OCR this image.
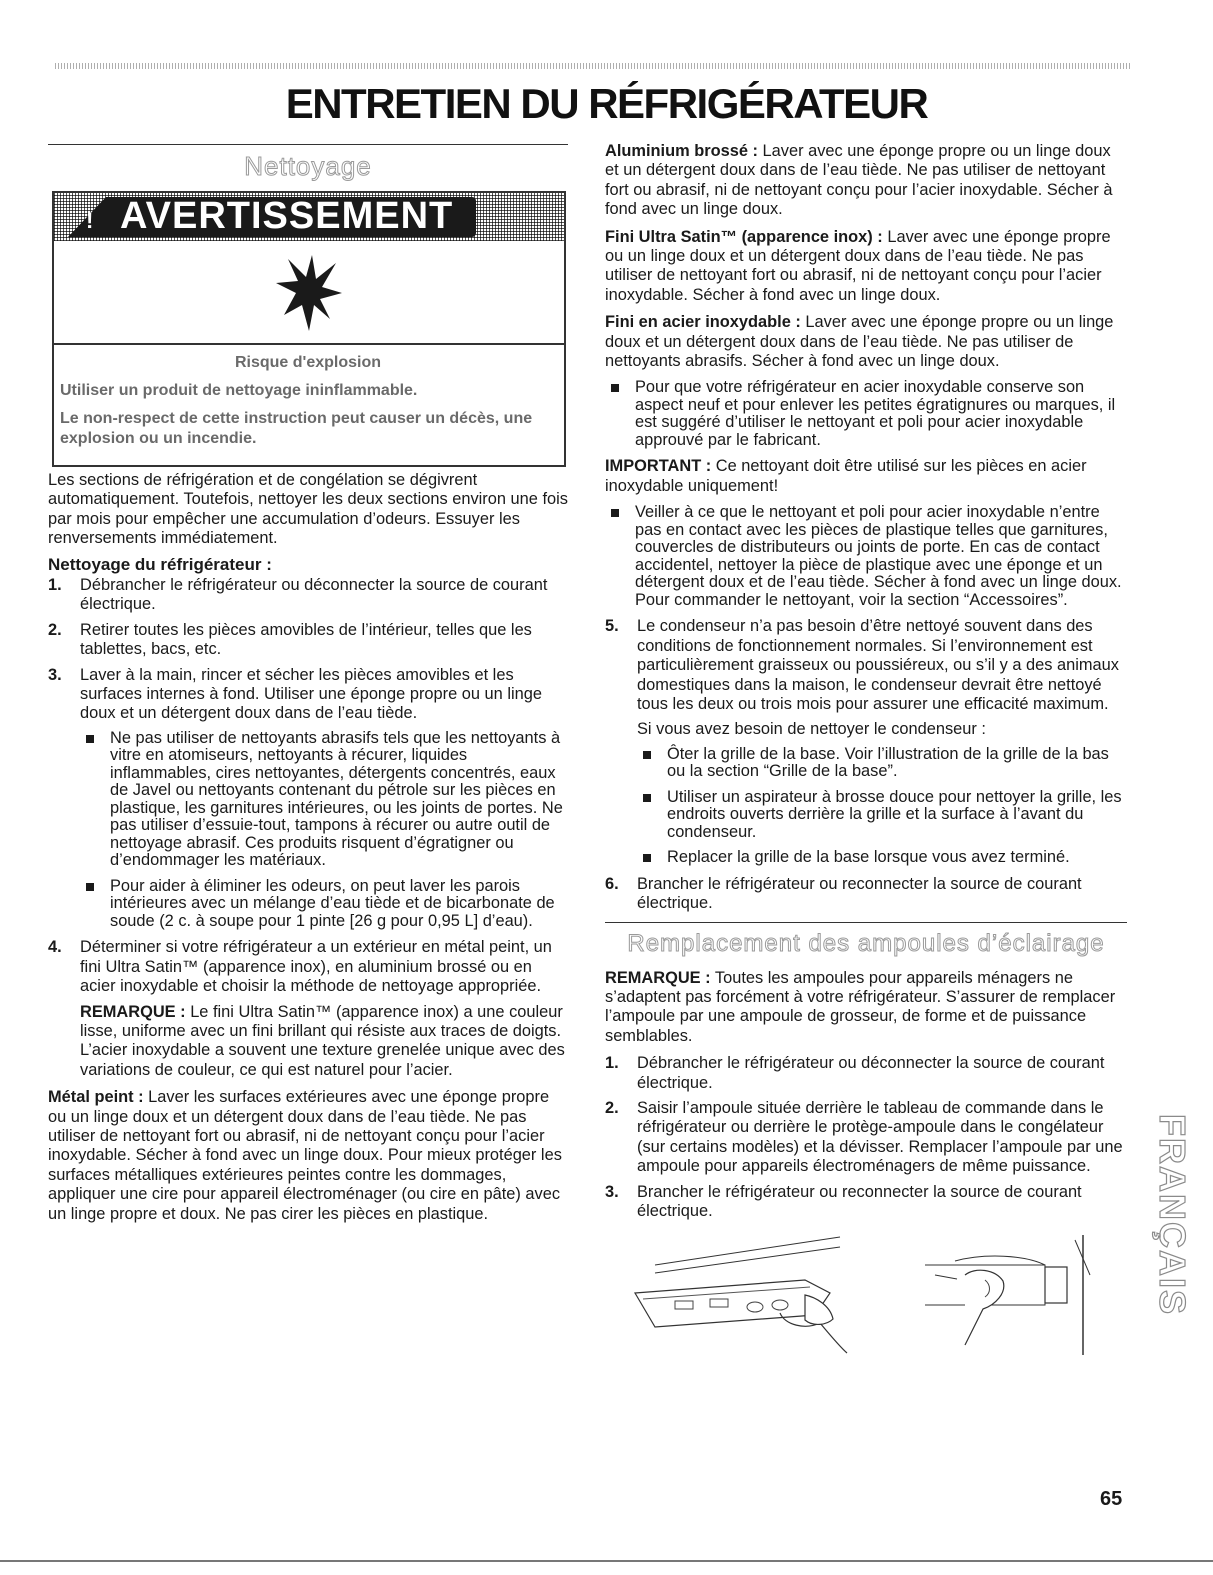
ENTRETIEN DU RÉFRIGÉRATEUR
Nettoyage
! AVERTISSEMENT
Risque d'explosion

Utiliser un produit de nettoyage ininflammable.

Le non-respect de cette instruction peut causer un décès, une explosion ou un incendie.

Les sections de réfrigération et de congélation se dégivrent automatiquement. Toutefois, nettoyer les deux sections environ une fois par mois pour empêcher une accumulation d’odeurs. Essuyer les renversements immédiatement.

Nettoyage du réfrigérateur :
1. Débrancher le réfrigérateur ou déconnecter la source de courant électrique.
2. Retirer toutes les pièces amovibles de l’intérieur, telles que les tablettes, bacs, etc.
3. Laver à la main, rincer et sécher les pièces amovibles et les surfaces internes à fond. Utiliser une éponge propre ou un linge doux et un détergent doux dans de l’eau tiède.
Ne pas utiliser de nettoyants abrasifs tels que les nettoyants à vitre en atomiseurs, nettoyants à récurer, liquides inflammables, cires nettoyantes, détergents concentrés, eaux de Javel ou nettoyants contenant du pétrole sur les pièces en plastique, les garnitures intérieures, ou les joints de portes. Ne pas utiliser d’essuie-tout, tampons à récurer ou autre outil de nettoyage abrasif. Ces produits risquent d’égratigner ou d’endommager les matériaux.
Pour aider à éliminer les odeurs, on peut laver les parois intérieures avec un mélange d’eau tiède et de bicarbonate de soude (2 c. à soupe pour 1 pinte [26 g pour 0,95 L] d’eau).
4. Déterminer si votre réfrigérateur a un extérieur en métal peint, un fini Ultra Satin™ (apparence inox), en aluminium brossé ou en acier inoxydable et choisir la méthode de nettoyage appropriée.

REMARQUE : Le fini Ultra Satin™ (apparence inox) a une couleur lisse, uniforme avec un fini brillant qui résiste aux traces de doigts. L’acier inoxydable a souvent une texture grenelée unique avec des variations de couleur, ce qui est naturel pour l’acier.

Métal peint : Laver les surfaces extérieures avec une éponge propre ou un linge doux et un détergent doux dans de l’eau tiède. Ne pas utiliser de nettoyant fort ou abrasif, ni de nettoyant conçu pour l’acier inoxydable. Sécher à fond avec un linge doux. Pour mieux protéger les surfaces métalliques extérieures peintes contre les dommages, appliquer une cire pour appareil électroménager (ou cire en pâte) avec un linge propre et doux. Ne pas cirer les pièces en plastique.

Aluminium brossé : Laver avec une éponge propre ou un linge doux et un détergent doux dans de l’eau tiède. Ne pas utiliser de nettoyant fort ou abrasif, ni de nettoyant conçu pour l’acier inoxydable. Sécher à fond avec un linge doux.

Fini Ultra Satin™ (apparence inox) : Laver avec une éponge propre ou un linge doux et un détergent doux dans de l’eau tiède. Ne pas utiliser de nettoyant fort ou abrasif, ni de nettoyant conçu pour l’acier inoxydable. Sécher à fond avec un linge doux.

Fini en acier inoxydable : Laver avec une éponge propre ou un linge doux et un détergent doux dans de l’eau tiède. Ne pas utiliser de nettoyants abrasifs. Sécher à fond avec un linge doux.

Pour que votre réfrigérateur en acier inoxydable conserve son aspect neuf et pour enlever les petites égratignures ou marques, il est suggéré d’utiliser le nettoyant et poli pour acier inoxydable approuvé par le fabricant.

IMPORTANT : Ce nettoyant doit être utilisé sur les pièces en acier inoxydable uniquement!

Veiller à ce que le nettoyant et poli pour acier inoxydable n’entre pas en contact avec les pièces de plastique telles que garnitures, couvercles de distributeurs ou joints de porte. En cas de contact accidentel, nettoyer la pièce de plastique avec une éponge et un détergent doux et de l’eau tiède. Sécher à fond avec un linge doux. Pour commander le nettoyant, voir la section “Accessoires”.
5. Le condenseur n’a pas besoin d’être nettoyé souvent dans des conditions de fonctionnement normales. Si l’environnement est particulièrement graisseux ou poussiéreux, ou s’il y a des animaux domestiques dans la maison, le condenseur devrait être nettoyé tous les deux ou trois mois pour assurer une efficacité maximum.

Si vous avez besoin de nettoyer le condenseur :

Ôter la grille de la base. Voir l’illustration de la grille de la bas ou la section “Grille de la base”.
Utiliser un aspirateur à brosse douce pour nettoyer la grille, les endroits ouverts derrière la grille et la surface à l’avant du condenseur.
Replacer la grille de la base lorsque vous avez terminé.
6. Brancher le réfrigérateur ou reconnecter la source de courant électrique.
Remplacement des ampoules d’éclairage

REMARQUE : Toutes les ampoules pour appareils ménagers ne s’adaptent pas forcément à votre réfrigérateur. S’assurer de remplacer l’ampoule par une ampoule de grosseur, de forme et de puissance semblables.

1. Débrancher le réfrigérateur ou déconnecter la source de courant électrique.
2. Saisir l’ampoule située derrière le tableau de commande dans le réfrigérateur ou derrière le protège-ampoule dans le congélateur (sur certains modèles) et la dévisser. Remplacer l’ampoule par une ampoule pour appareils électroménagers de même puissance.
3. Brancher le réfrigérateur ou reconnecter la source de courant électrique.	FRANÇAIS
65
